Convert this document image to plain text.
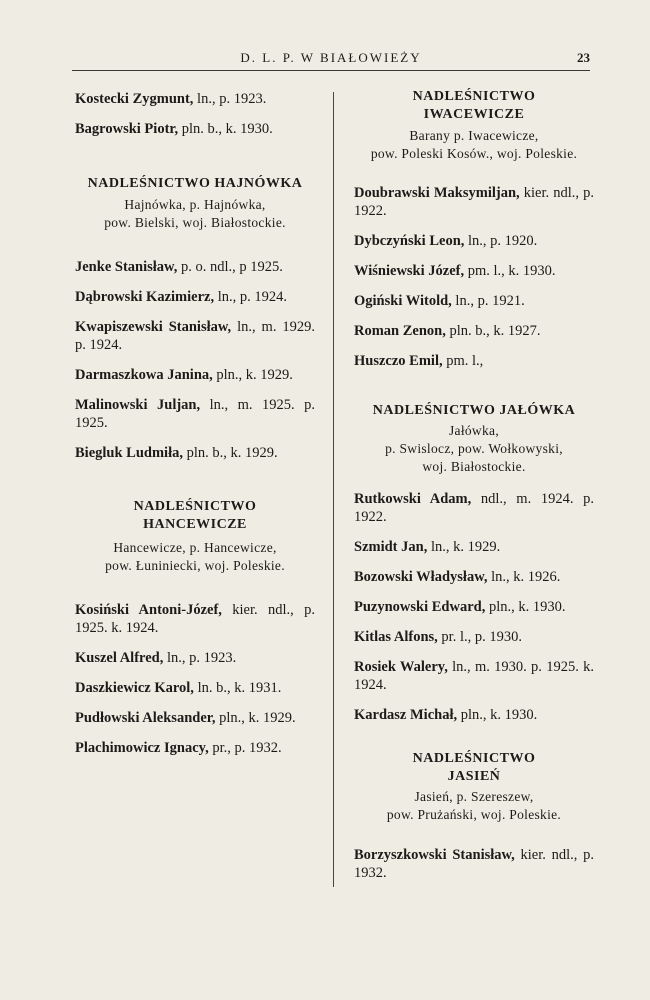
D. L. P. W BIAŁOWIEŻY	23

Kostecki Zygmunt, ln., p. 1923.

Bagrowski Piotr, pln. b., k. 1930.

NADLEŚNICTWO HAJNÓWKA
Hajnówka, p. Hajnówka,
pow. Bielski, woj. Białostockie.

Jenke Stanisław, p. o. ndl., p 1925.

Dąbrowski Kazimierz, ln., p. 1924.

Kwapiszewski Stanisław, ln., m. 1929. p. 1924.

Darmaszkowa Janina, pln., k. 1929.

Malinowski Juljan, ln., m. 1925. p. 1925.

Biegluk Ludmiła, pln. b., k. 1929.

NADLEŚNICTWO
HANCEWICZE
Hancewicze, p. Hancewicze,
pow. Łuniniecki, woj. Poleskie.

Kosiński Antoni-Józef, kier. ndl., p. 1925. k. 1924.

Kuszel Alfred, ln., p. 1923.

Daszkiewicz Karol, ln. b., k. 1931.

Pudłowski Aleksander, pln., k. 1929.

Plachimowicz Ignacy, pr., p. 1932.

NADLEŚNICTWO
IWACEWICZE
Barany p. Iwacewicze,
pow. Poleski Kosów., woj. Poleskie.

Doubrawski Maksymiljan, kier. ndl., p. 1922.

Dybczyński Leon, ln., p. 1920.

Wiśniewski Józef, pm. l., k. 1930.

Ogiński Witold, ln., p. 1921.

Roman Zenon, pln. b., k. 1927.

Huszczo Emil, pm. l.,

NADLEŚNICTWO JAŁÓWKA
Jałówka,
p. Swislocz, pow. Wołkowyski,
woj. Białostockie.

Rutkowski Adam, ndl., m. 1924. p. 1922.

Szmidt Jan, ln., k. 1929.

Bozowski Władysław, ln., k. 1926.

Puzynowski Edward, pln., k. 1930.

Kitlas Alfons, pr. l., p. 1930.

Rosiek Walery, ln., m. 1930. p. 1925. k. 1924.

Kardasz Michał, pln., k. 1930.

NADLEŚNICTWO
JASIEŃ
Jasień, p. Szereszew,
pow. Prużański, woj. Poleskie.

Borzyszkowski Stanisław, kier. ndl., p. 1932.
